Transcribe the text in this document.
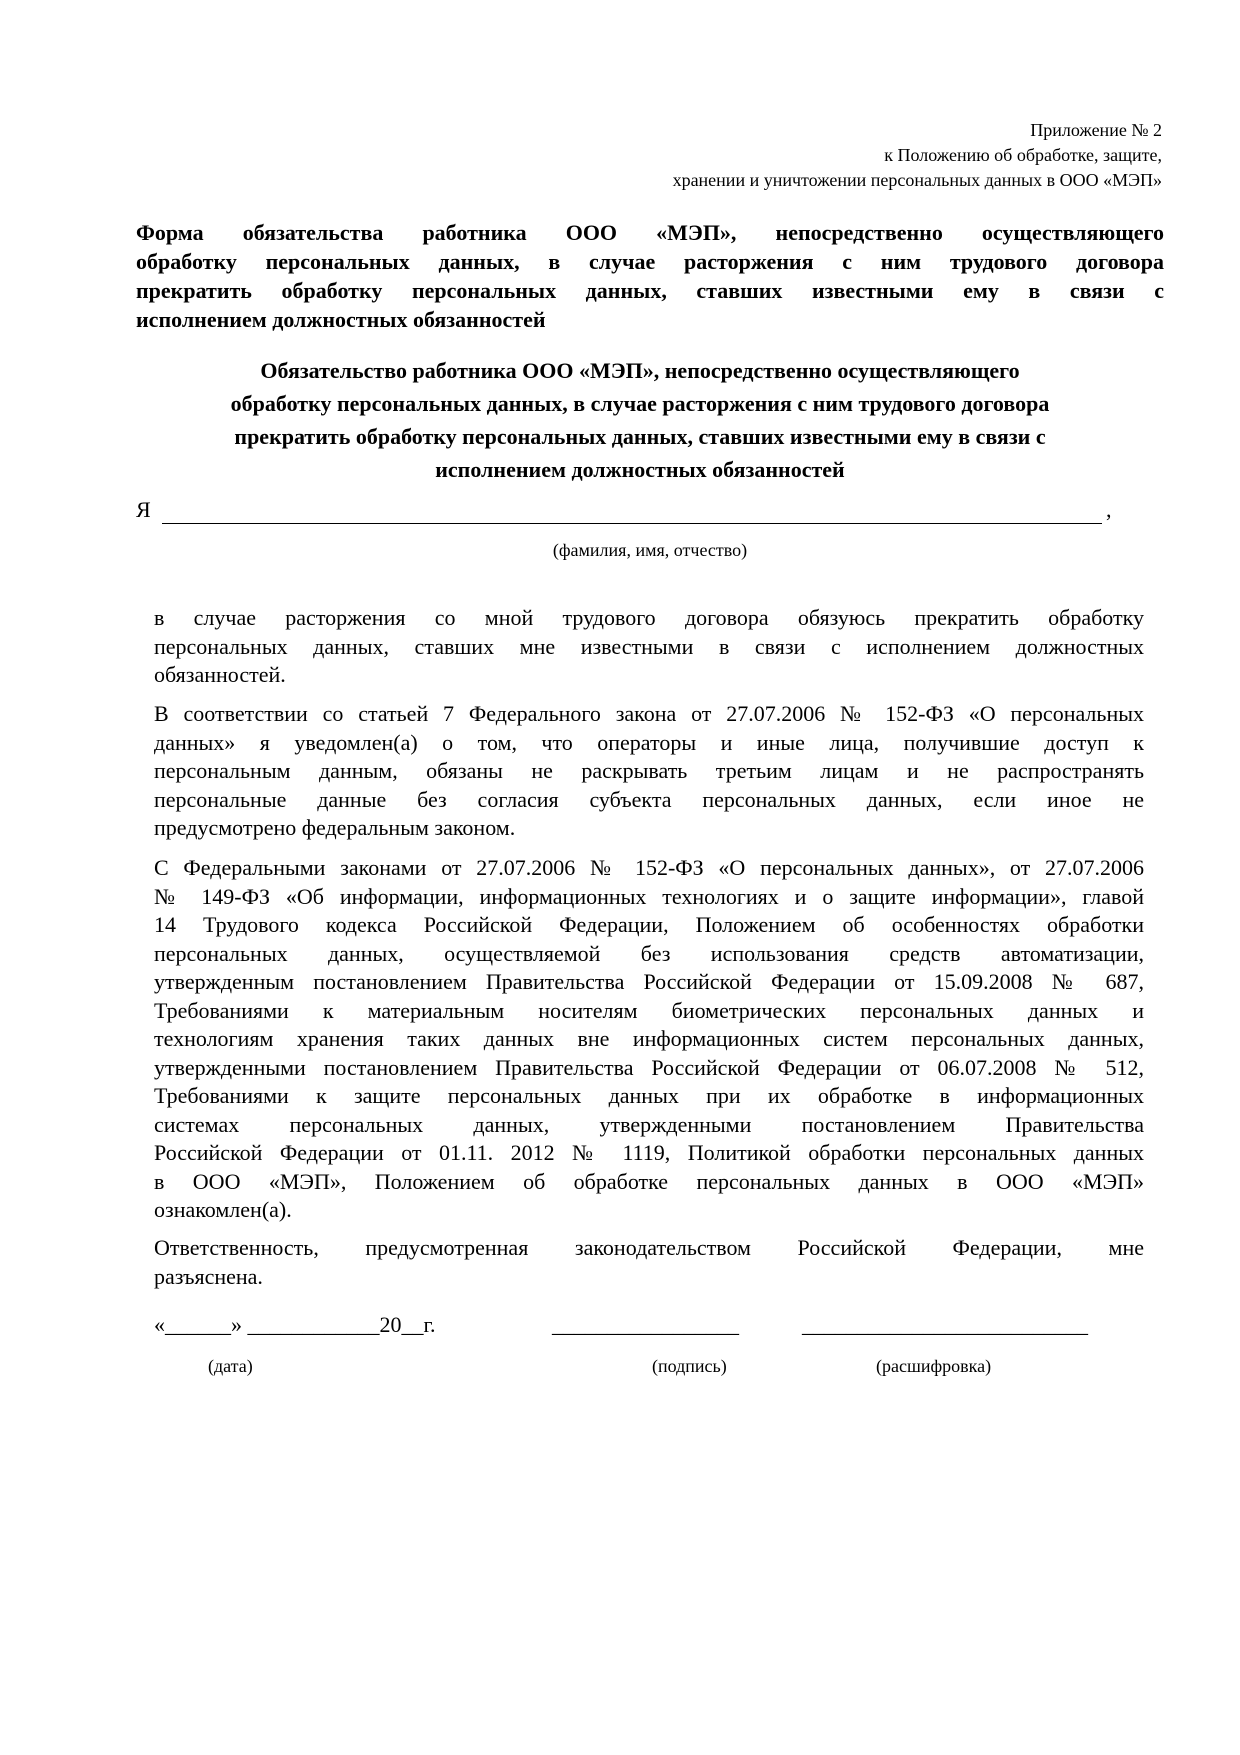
Приложение № 2
к Положению об обработке, защите,
хранении и уничтожении персональных данных в ООО «МЭП»
Форма обязательства работника ООО «МЭП», непосредственно осуществляющего
обработку персональных данных, в случае расторжения с ним трудового договора
прекратить обработку персональных данных, ставших известными ему в связи с
исполнением должностных обязанностей
Обязательство работника ООО «МЭП», непосредственно осуществляющего
обработку персональных данных, в случае расторжения с ним трудового договора
прекратить обработку персональных данных, ставших известными ему в связи с
исполнением должностных обязанностей
Я	,
(фамилия, имя, отчество)
в случае расторжения со мной трудового договора обязуюсь прекратить обработку
персональных данных, ставших мне известными в связи с исполнением должностных
обязанностей.
В соответствии со статьей 7 Федерального закона от 27.07.2006 № 152-ФЗ «О персональных
данных» я уведомлен(а) о том, что операторы и иные лица, получившие доступ к
персональным данным, обязаны не раскрывать третьим лицам и не распространять
персональные данные без согласия субъекта персональных данных, если иное не
предусмотрено федеральным законом.
С Федеральными законами от 27.07.2006 № 152-ФЗ «О персональных данных», от 27.07.2006
№ 149-ФЗ «Об информации, информационных технологиях и о защите информации», главой
14 Трудового кодекса Российской Федерации, Положением об особенностях обработки
персональных данных, осуществляемой без использования средств автоматизации,
утвержденным постановлением Правительства Российской Федерации от 15.09.2008 № 687,
Требованиями к материальным носителям биометрических персональных данных и
технологиям хранения таких данных вне информационных систем персональных данных,
утвержденными постановлением Правительства Российской Федерации от 06.07.2008 № 512,
Требованиями к защите персональных данных при их обработке в информационных
системах персональных данных, утвержденными постановлением Правительства
Российской Федерации от 01.11. 2012 № 1119, Политикой обработки персональных данных
в ООО «МЭП», Положением об обработке персональных данных в ООО «МЭП»
ознакомлен(а).
Ответственность, предусмотренная законодательством Российской Федерации, мне
разъяснена.
«______» ____________20__г.	_________________	__________________________
(дата)	(подпись)	(расшифровка)
